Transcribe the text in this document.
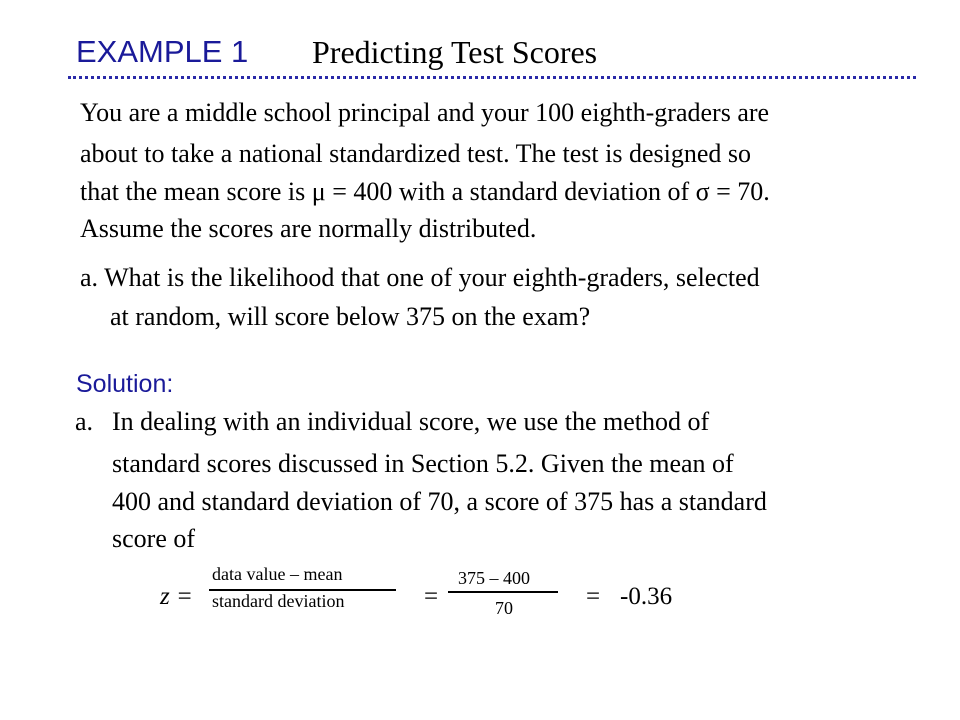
EXAMPLE 1 Predicting Test Scores
You are a middle school principal and your 100 eighth-graders are
about to take a national standardized test. The test is designed so
that the mean score is μ = 400 with a standard deviation of σ = 70.
Assume the scores are normally distributed.
a. What is the likelihood that one of your eighth-graders, selected
at random, will score below 375 on the exam?
Solution:
a. In dealing with an individual score, we use the method of
standard scores discussed in Section 5.2. Given the mean of
400 and standard deviation of 70, a score of 375 has a standard
score of
z =
data value – mean
standard deviation	=
375 – 400
70	= -0.36
